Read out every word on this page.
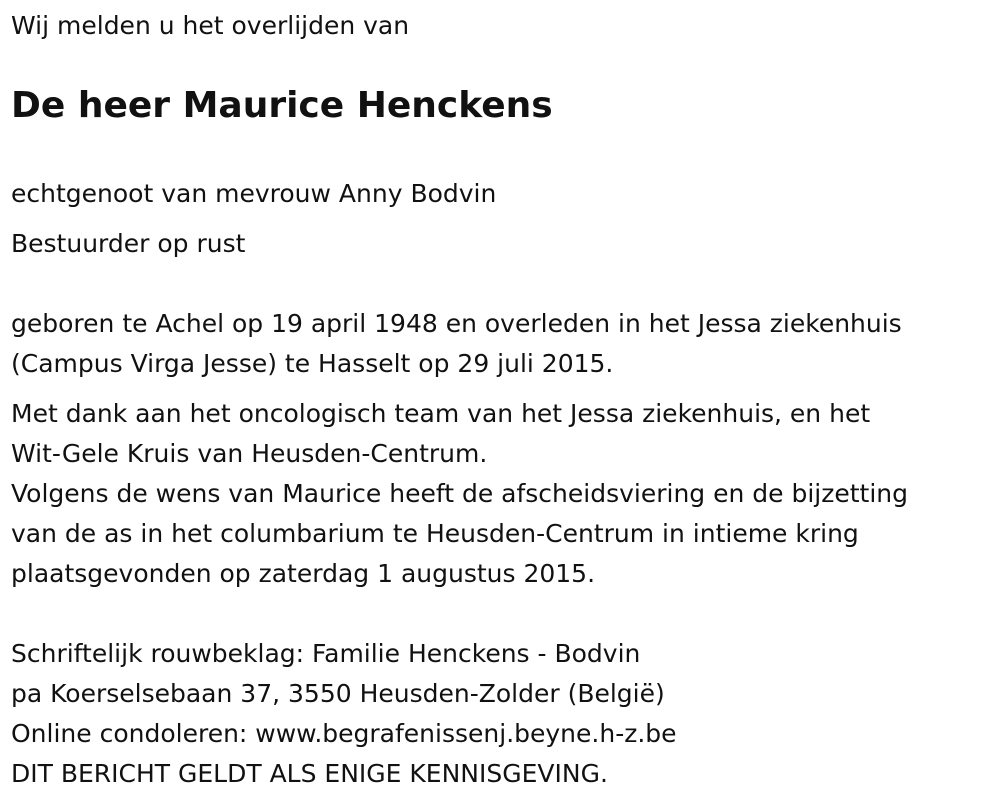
Wij melden u het overlijden van
De heer Maurice Henckens
echtgenoot van mevrouw Anny Bodvin
Bestuurder op rust
geboren te Achel op 19 april 1948 en overleden in het Jessa ziekenhuis
(Campus Virga Jesse) te Hasselt op 29 juli 2015.
Met dank aan het oncologisch team van het Jessa ziekenhuis, en het
Wit-Gele Kruis van Heusden-Centrum.
Volgens de wens van Maurice heeft de afscheidsviering en de bijzetting
van de as in het columbarium te Heusden-Centrum in intieme kring
plaatsgevonden op zaterdag 1 augustus 2015.
Schriftelijk rouwbeklag: Familie Henckens - Bodvin
pa Koerselsebaan 37, 3550 Heusden-Zolder (België)
Online condoleren: www.begrafenissenj.beyne.h-z.be
DIT BERICHT GELDT ALS ENIGE KENNISGEVING.
